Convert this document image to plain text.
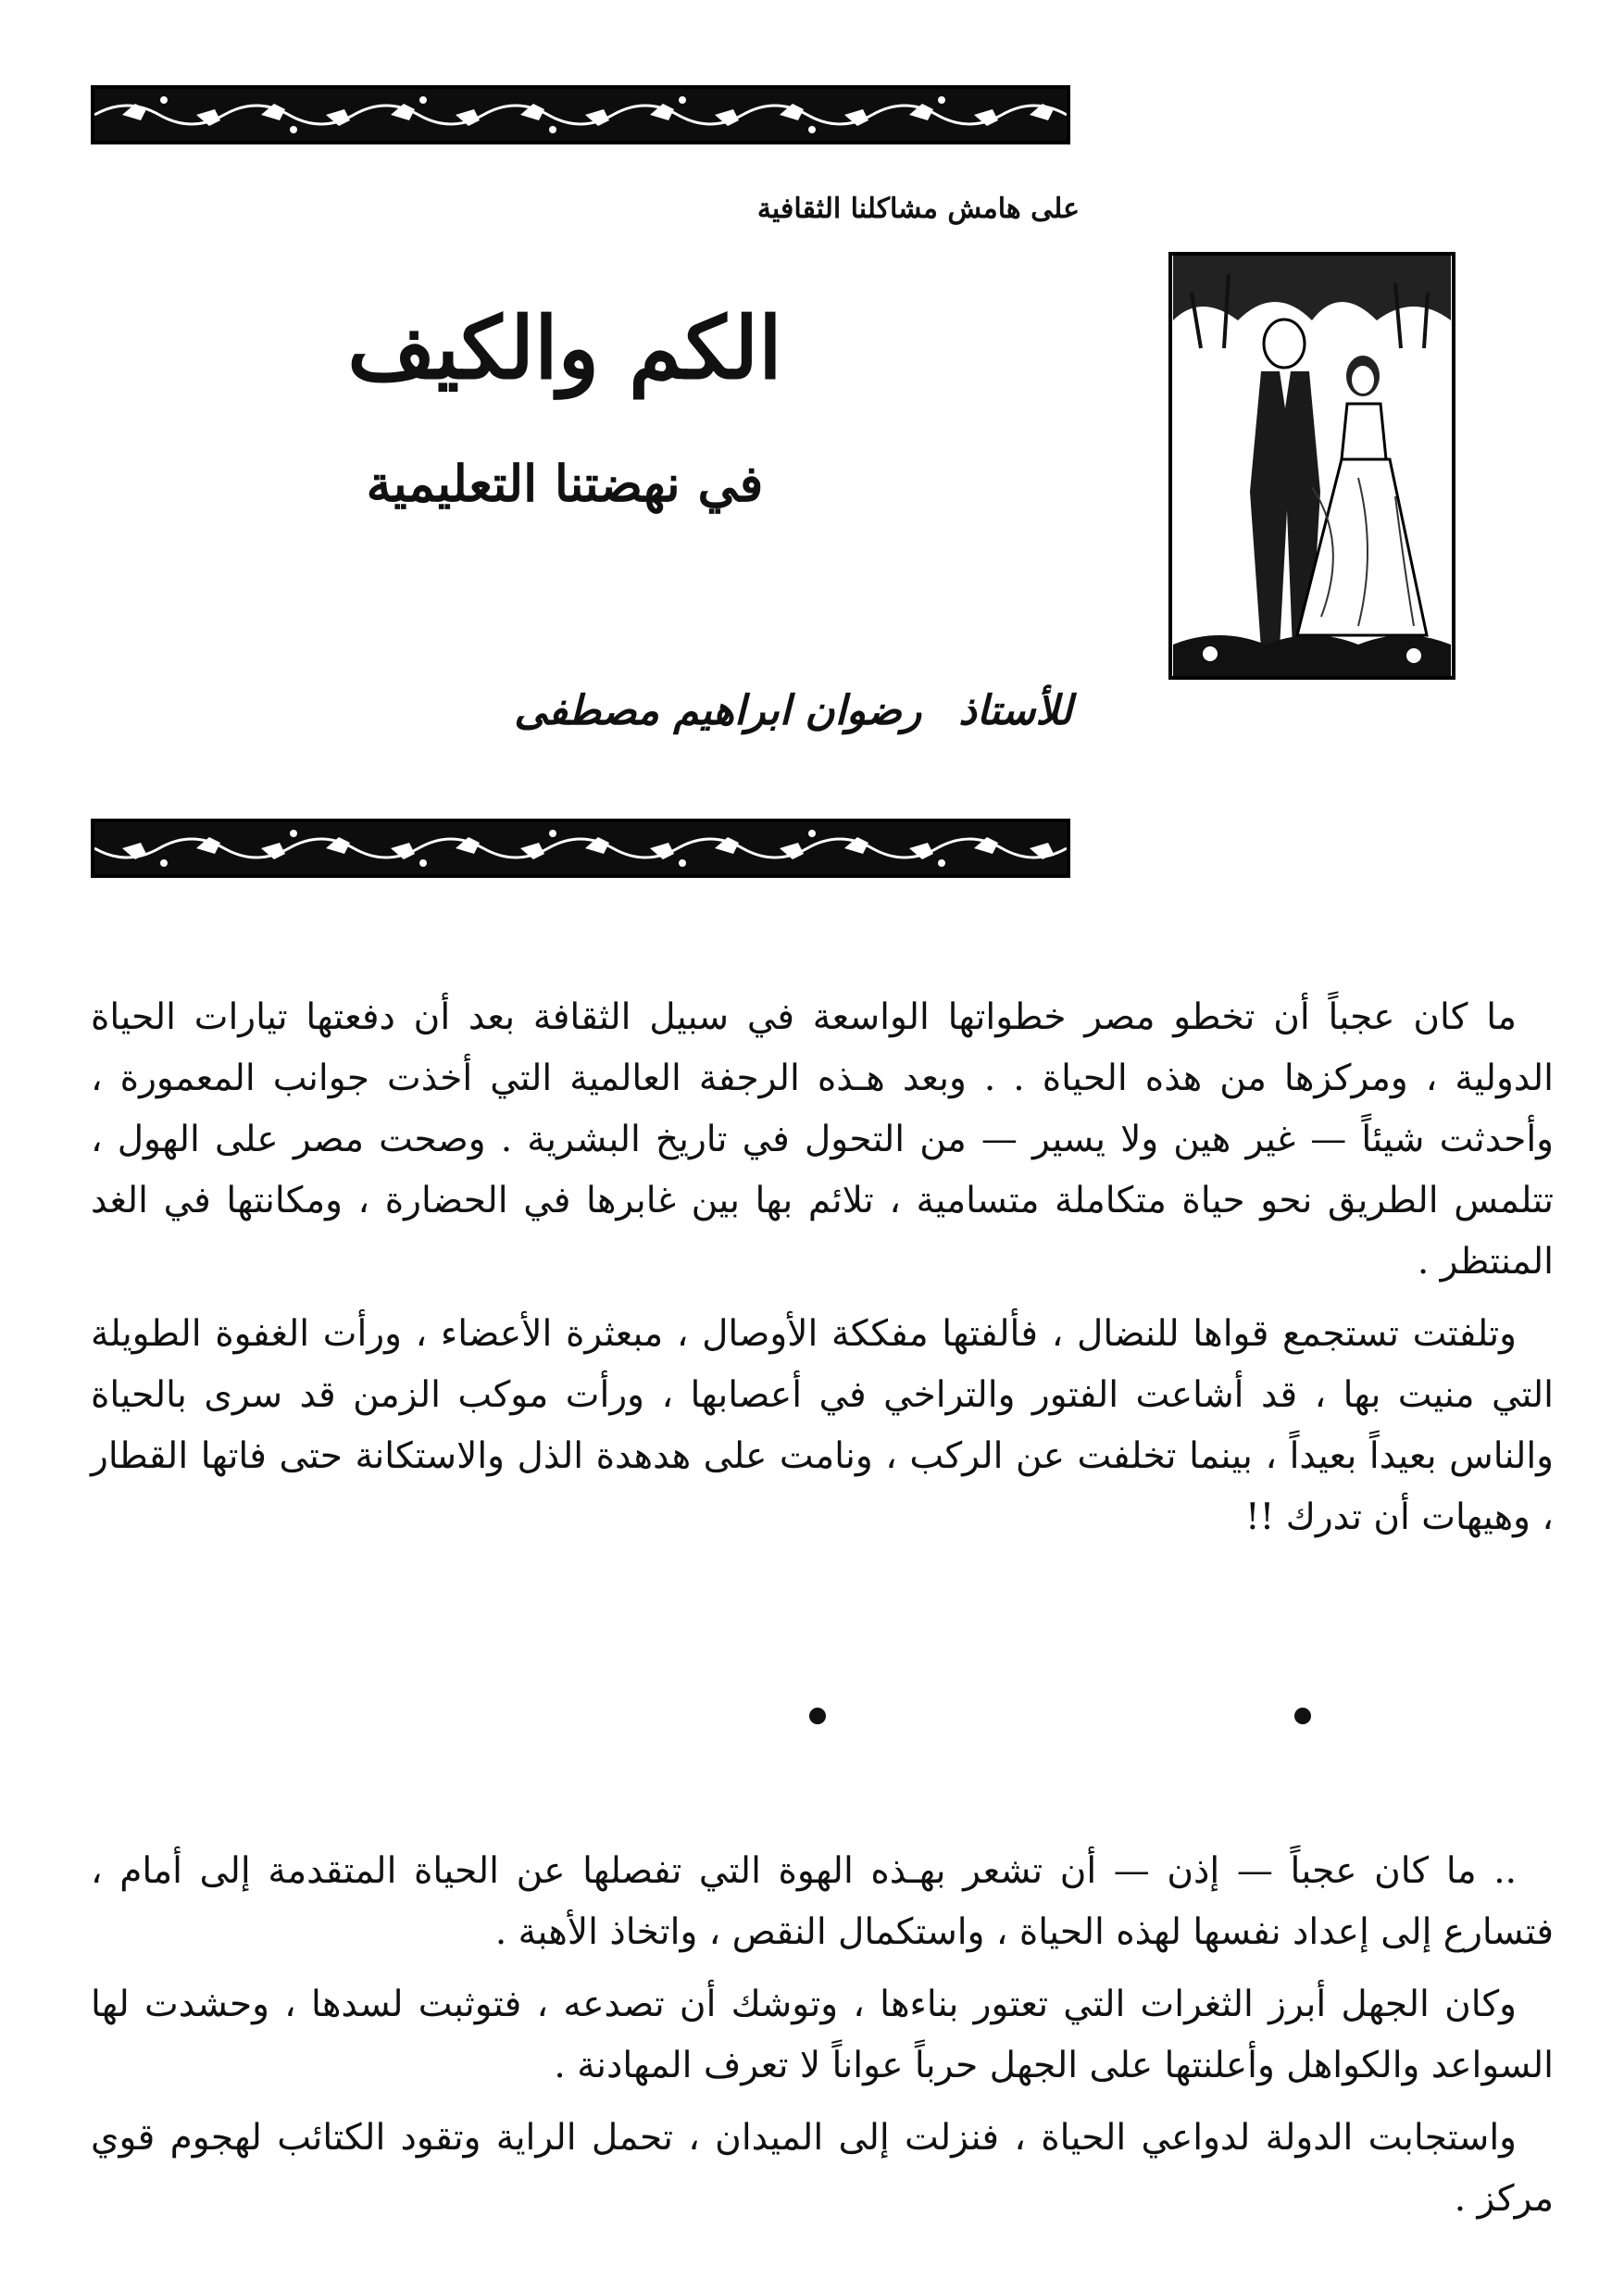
على هامش مشاكلنا الثقافية
الكم والكيف
في نهضتنا التعليمية
للأستاذرضوان ابراهيم مصطفى

ما كان عجباً أن تخطو مصر خطواتها الواسعة في سبيل الثقافة بعد أن دفعتها تيارات الحياة الدولية ، ومركزها من هذه الحياة . . وبعد هـذه الرجفة العالمية التي أخذت جوانب المعمورة ، وأحدثت شيئاً — غير هين ولا يسير — من التحول في تاريخ البشرية . وصحت مصر على الهول ، تتلمس الطريق نحو حياة متكاملة متسامية ، تلائم بها بين غابرها في الحضارة ، ومكانتها في الغد المنتظر .

وتلفتت تستجمع قواها للنضال ، فألفتها مفككة الأوصال ، مبعثرة الأعضاء ، ورأت الغفوة الطويلة التي منيت بها ، قد أشاعت الفتور والتراخي في أعصابها ، ورأت موكب الزمن قد سرى بالحياة والناس بعيداً بعيداً ، بينما تخلفت عن الركب ، ونامت على هدهدة الذل والاستكانة حتى فاتها القطار ، وهيهات أن تدرك !!

.. ما كان عجباً — إذن — أن تشعر بهـذه الهوة التي تفصلها عن الحياة المتقدمة إلى أمام ، فتسارع إلى إعداد نفسها لهذه الحياة ، واستكمال النقص ، واتخاذ الأهبة .

وكان الجهل أبرز الثغرات التي تعتور بناءها ، وتوشك أن تصدعه ، فتوثبت لسدها ، وحشدت لها السواعد والكواهل وأعلنتها على الجهل حرباً عواناً لا تعرف المهادنة .

واستجابت الدولة لدواعي الحياة ، فنزلت إلى الميدان ، تحمل الراية وتقود الكتائب لهجوم قوي مركز .
